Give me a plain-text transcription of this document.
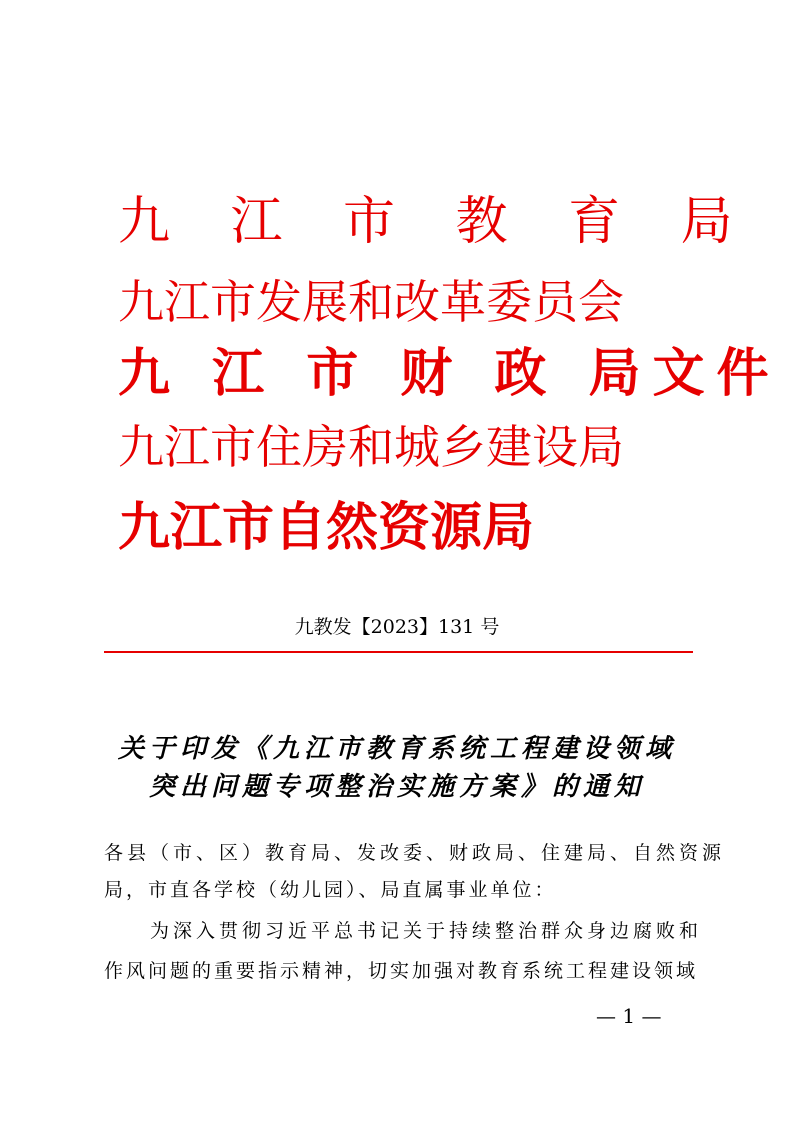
九 江 市 教 育 局
九江市发展和改革委员会
九 江 市 财 政 局文件
九江市住房和城乡建设局
九江市自然资源局
九教发【2023】131 号
关于印发《九江市教育系统工程建设领域
突出问题专项整治实施方案》的通知
各县（市、区）教育局、发改委、财政局、住建局、自然资源
局，市直各学校（幼儿园）、局直属事业单位：
为深入贯彻习近平总书记关于持续整治群众身边腐败和
作风问题的重要指示精神，切实加强对教育系统工程建设领域
— 1 —
